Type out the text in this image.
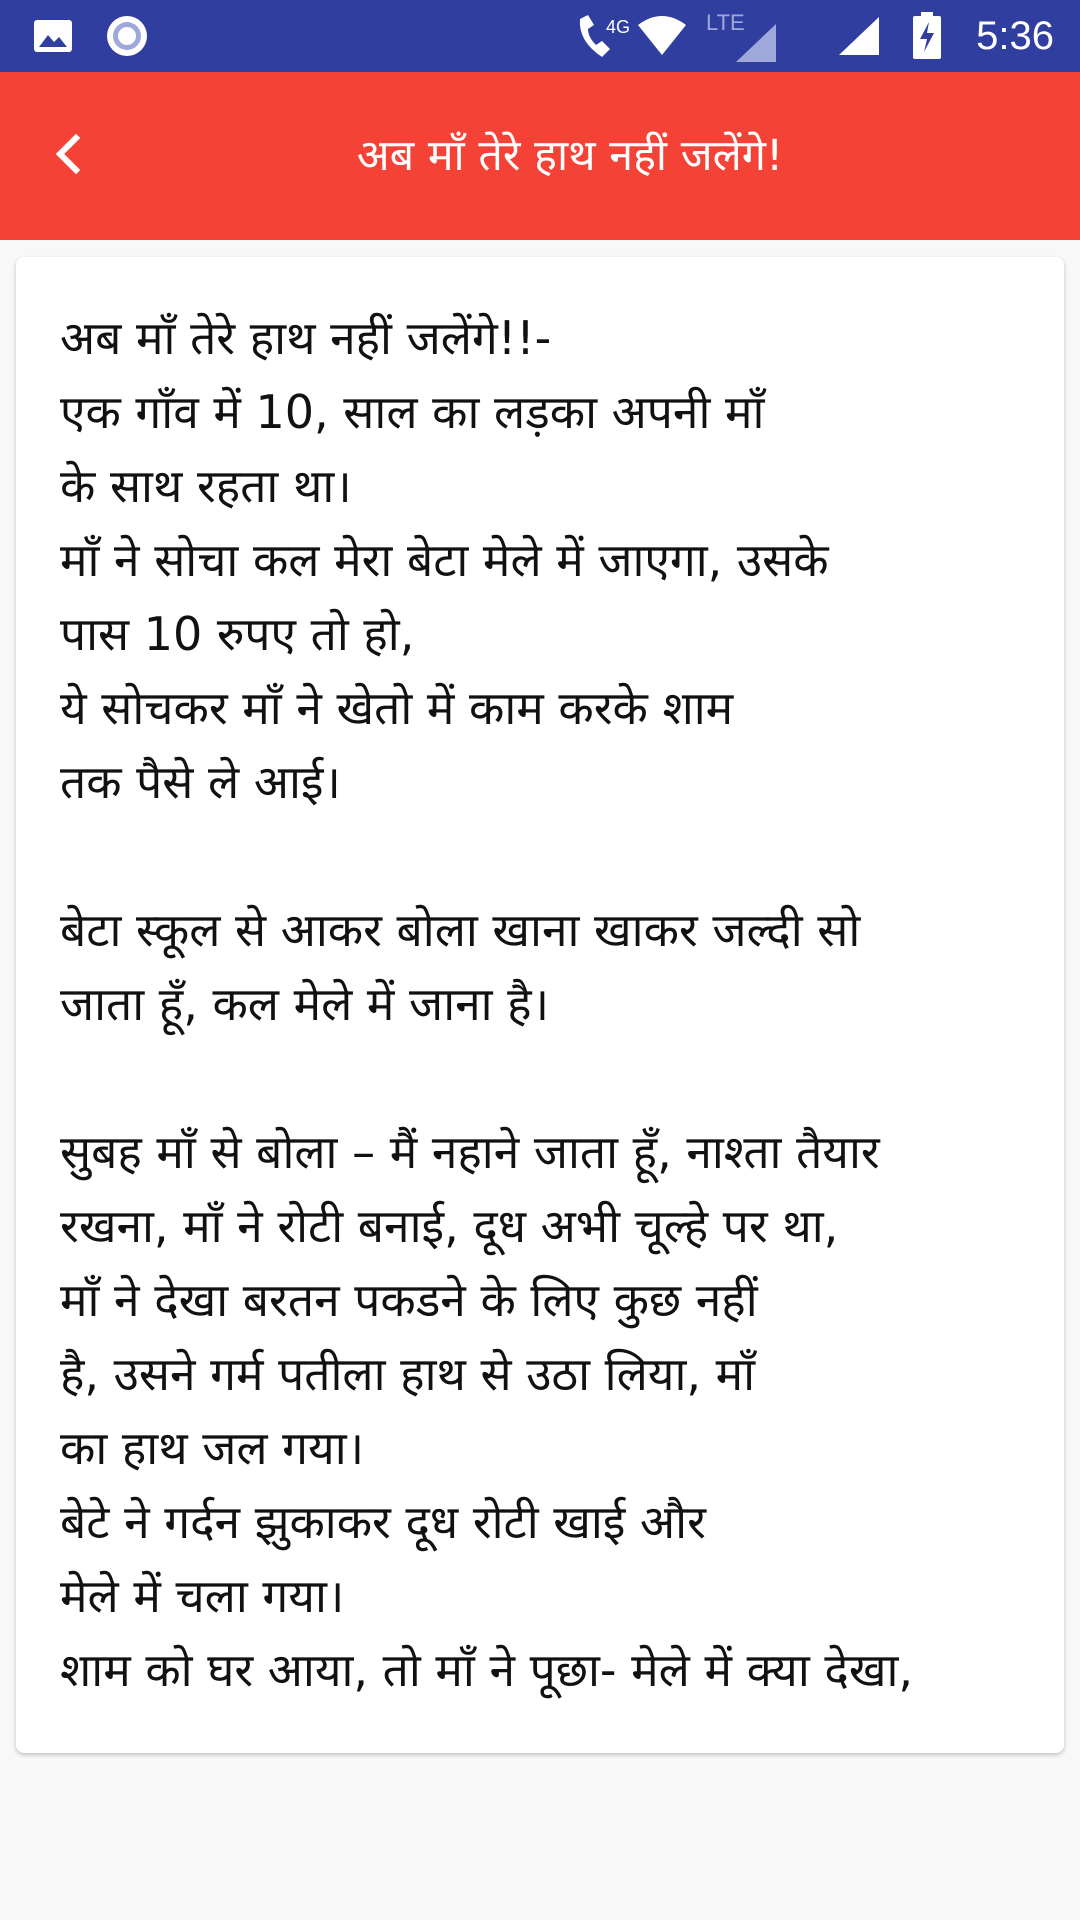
4G	LTE	5:36
अब माँ तेरे हाथ नहीं जलेंगे!

अब माँ तेरे हाथ नहीं जलेंगे!!-
एक गाँव में 10, साल का लड़का अपनी माँ
के साथ रहता था।
माँ ने सोचा कल मेरा बेटा मेले में जाएगा, उसके
पास 10 रुपए तो हो,
ये सोचकर माँ ने खेतो में काम करके शाम
तक पैसे ले आई।

बेटा स्कूल से आकर बोला खाना खाकर जल्दी सो
जाता हूँ, कल मेले में जाना है।

सुबह माँ से बोला – मैं नहाने जाता हूँ, नाश्ता तैयार
रखना, माँ ने रोटी बनाई, दूध अभी चूल्हे पर था,
माँ ने देखा बरतन पकडने के लिए कुछ नहीं
है, उसने गर्म पतीला हाथ से उठा लिया, माँ
का हाथ जल गया।
बेटे ने गर्दन झुकाकर दूध रोटी खाई और
मेले में चला गया।
शाम को घर आया, तो माँ ने पूछा- मेले में क्या देखा,
